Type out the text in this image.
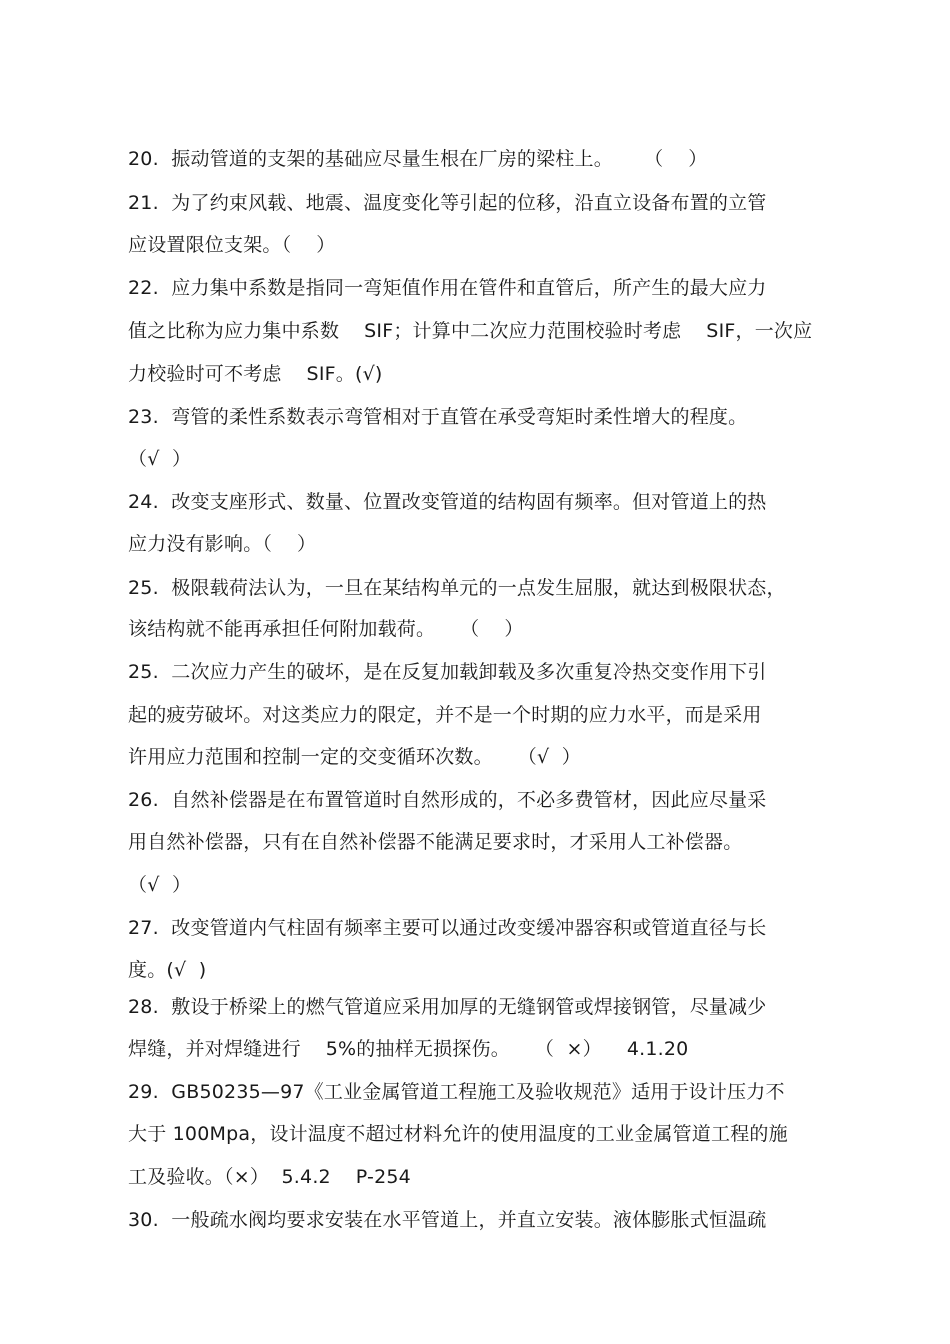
20.  振动管道的支架的基础应尽量生根在厂房的梁柱上。     （    ）
21.  为了约束风载、地震、温度变化等引起的位移，沿直立设备布置的立管
应设置限位支架。（    ）
22.  应力集中系数是指同一弯矩值作用在管件和直管后，所产生的最大应力
值之比称为应力集中系数    SIF；计算中二次应力范围校验时考虑    SIF，一次应
力校验时可不考虑    SIF。(√)
23.  弯管的柔性系数表示弯管相对于直管在承受弯矩时柔性增大的程度。
（√  ）
24.  改变支座形式、数量、位置改变管道的结构固有频率。但对管道上的热
应力没有影响。（    ）
25.  极限载荷法认为，一旦在某结构单元的一点发生屈服，就达到极限状态，
该结构就不能再承担任何附加载荷。    （    ）
25.  二次应力产生的破坏，是在反复加载卸载及多次重复冷热交变作用下引
起的疲劳破坏。对这类应力的限定，并不是一个时期的应力水平，而是采用
许用应力范围和控制一定的交变循环次数。    （√  ）
26.  自然补偿器是在布置管道时自然形成的，不必多费管材，因此应尽量采
用自然补偿器，只有在自然补偿器不能满足要求时，才采用人工补偿器。
（√  ）
27.  改变管道内气柱固有频率主要可以通过改变缓冲器容积或管道直径与长
度。(√  )
28.  敷设于桥梁上的燃气管道应采用加厚的无缝钢管或焊接钢管，尽量减少
焊缝，并对焊缝进行    5%的抽样无损探伤。    （  ×）    4.1.20
29.  GB50235—97《工业金属管道工程施工及验收规范》适用于设计压力不
大于 100Mpa，设计温度不超过材料允许的使用温度的工业金属管道工程的施
工及验收。（×）  5.4.2    P-254
30.  一般疏水阀均要求安装在水平管道上，并直立安装。液体膨胀式恒温疏
